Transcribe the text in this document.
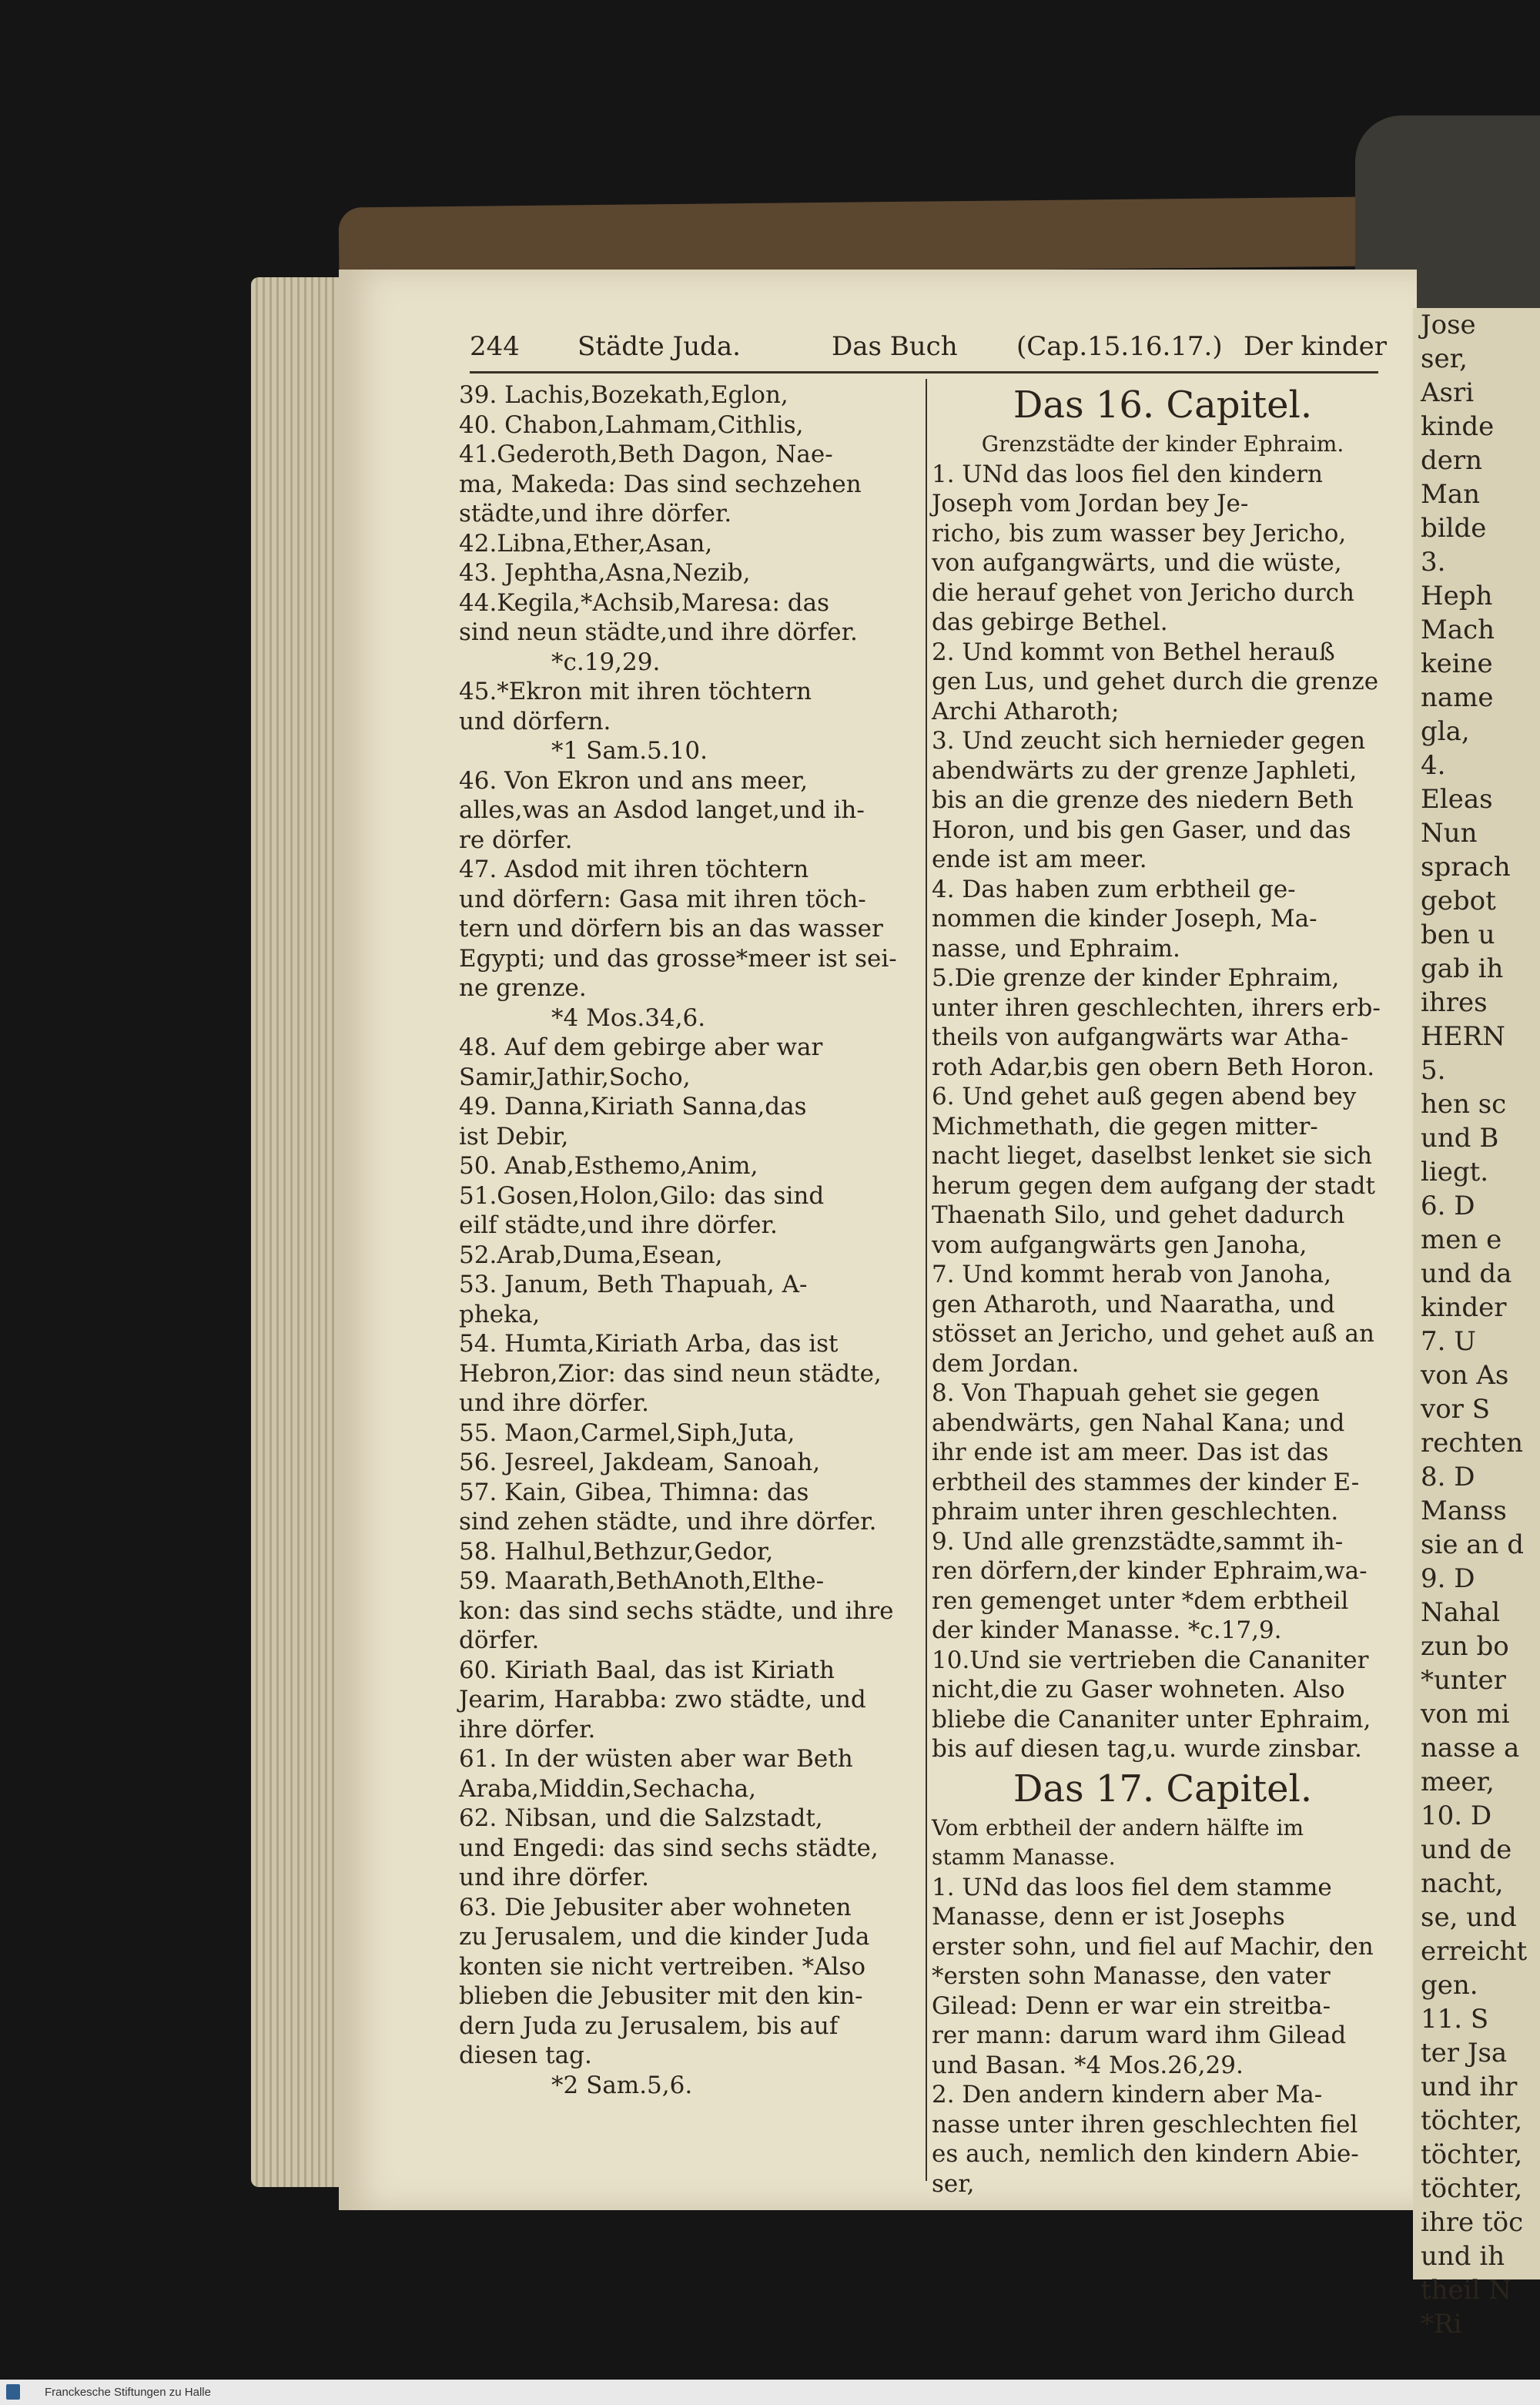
244 Städte Juda.	Das Buch (Cap.15.16.17.) Der kinder

39. Lachis,Bozekath,Eglon,

40. Chabon,Lahmam,Cithlis,

41.Gederoth,Beth Dagon, Nae-

ma, Makeda: Das sind sechzehen

städte,und ihre dörfer.

42.Libna,Ether,Asan,

43. Jephtha,Asna,Nezib,

44.Kegila,*Achsib,Maresa: das

sind neun städte,und ihre dörfer.

*c.19,29.

45.*Ekron mit ihren töchtern

und dörfern.

*1 Sam.5.10.

46. Von Ekron und ans meer,

alles,was an Asdod langet,und ih-

re dörfer.

47. Asdod mit ihren töchtern

und dörfern: Gasa mit ihren töch-

tern und dörfern bis an das wasser

Egypti; und das grosse*meer ist sei-

ne grenze.

*4 Mos.34,6.

48. Auf dem gebirge aber war

Samir,Jathir,Socho,

49. Danna,Kiriath Sanna,das

ist Debir,

50. Anab,Esthemo,Anim,

51.Gosen,Holon,Gilo: das sind

eilf städte,und ihre dörfer.

52.Arab,Duma,Esean,

53. Janum, Beth Thapuah, A-

pheka,

54. Humta,Kiriath Arba, das ist

Hebron,Zior: das sind neun städte,

und ihre dörfer.

55. Maon,Carmel,Siph,Juta,

56. Jesreel, Jakdeam, Sanoah,

57. Kain, Gibea, Thimna: das

sind zehen städte, und ihre dörfer.

58. Halhul,Bethzur,Gedor,

59. Maarath,BethAnoth,Elthe-

kon: das sind sechs städte, und ihre

dörfer.

60. Kiriath Baal, das ist Kiriath

Jearim, Harabba: zwo städte, und

ihre dörfer.

61. In der wüsten aber war Beth

Araba,Middin,Sechacha,

62. Nibsan, und die Salzstadt,

und Engedi: das sind sechs städte,

und ihre dörfer.

63. Die Jebusiter aber wohneten

zu Jerusalem, und die kinder Juda

konten sie nicht vertreiben. *Also

blieben die Jebusiter mit den kin-

dern Juda zu Jerusalem, bis auf

diesen tag.

*2 Sam.5,6.

Das 16. Capitel.

Grenzstädte der kinder Ephraim.

1. UNd das loos fiel den kindern

Joseph vom Jordan bey Je-

richo, bis zum wasser bey Jericho,

von aufgangwärts, und die wüste,

die herauf gehet von Jericho durch

das gebirge Bethel.

2. Und kommt von Bethel herauß

gen Lus, und gehet durch die grenze

Archi Atharoth;

3. Und zeucht sich hernieder gegen

abendwärts zu der grenze Japhleti,

bis an die grenze des niedern Beth

Horon, und bis gen Gaser, und das

ende ist am meer.

4. Das haben zum erbtheil ge-

nommen die kinder Joseph, Ma-

nasse, und Ephraim.

5.Die grenze der kinder Ephraim,

unter ihren geschlechten, ihrers erb-

theils von aufgangwärts war Atha-

roth Adar,bis gen obern Beth Horon.

6. Und gehet auß gegen abend bey

Michmethath, die gegen mitter-

nacht lieget, daselbst lenket sie sich

herum gegen dem aufgang der stadt

Thaenath Silo, und gehet dadurch

vom aufgangwärts gen Janoha,

7. Und kommt herab von Janoha,

gen Atharoth, und Naaratha, und

stösset an Jericho, und gehet auß an

dem Jordan.

8. Von Thapuah gehet sie gegen

abendwärts, gen Nahal Kana; und

ihr ende ist am meer. Das ist das

erbtheil des stammes der kinder E-

phraim unter ihren geschlechten.

9. Und alle grenzstädte,sammt ih-

ren dörfern,der kinder Ephraim,wa-

ren gemenget unter *dem erbtheil

der kinder Manasse. *c.17,9.

10.Und sie vertrieben die Cananiter

nicht,die zu Gaser wohneten. Also

bliebe die Cananiter unter Ephraim,

bis auf diesen tag,u. wurde zinsbar.

Das 17. Capitel.

Vom erbtheil der andern hälfte im

stamm Manasse.

1. UNd das loos fiel dem stamme

Manasse, denn er ist Josephs

erster sohn, und fiel auf Machir, den

*ersten sohn Manasse, den vater

Gilead: Denn er war ein streitba-

rer mann: darum ward ihm Gilead

und Basan. *4 Mos.26,29.

2. Den andern kindern aber Ma-

nasse unter ihren geschlechten fiel

es auch, nemlich den kindern Abie-

ser,

Jose
ser,
Asri
kinde
dern
Man
bilde
3.
Heph
Mach
keine
name
gla,
4.
Eleas
Nun
sprach
gebot
ben u
gab ih
ihres
HERN
5.
hen sc
und B
liegt.
6. D
men e
und da
kinder
7. U
von As
vor S
rechten
8. D
Manss
sie an d
9. D
Nahal
zun bo
*unter
von mi
nasse a
meer,
10. D
und de
nacht,
se, und
erreicht
gen.
11. S
ter Jsa
und ihr
töchter,
töchter,
töchter,
ihre töc
und ih
theil N
*Ri
Franckesche Stiftungen zu Halle
